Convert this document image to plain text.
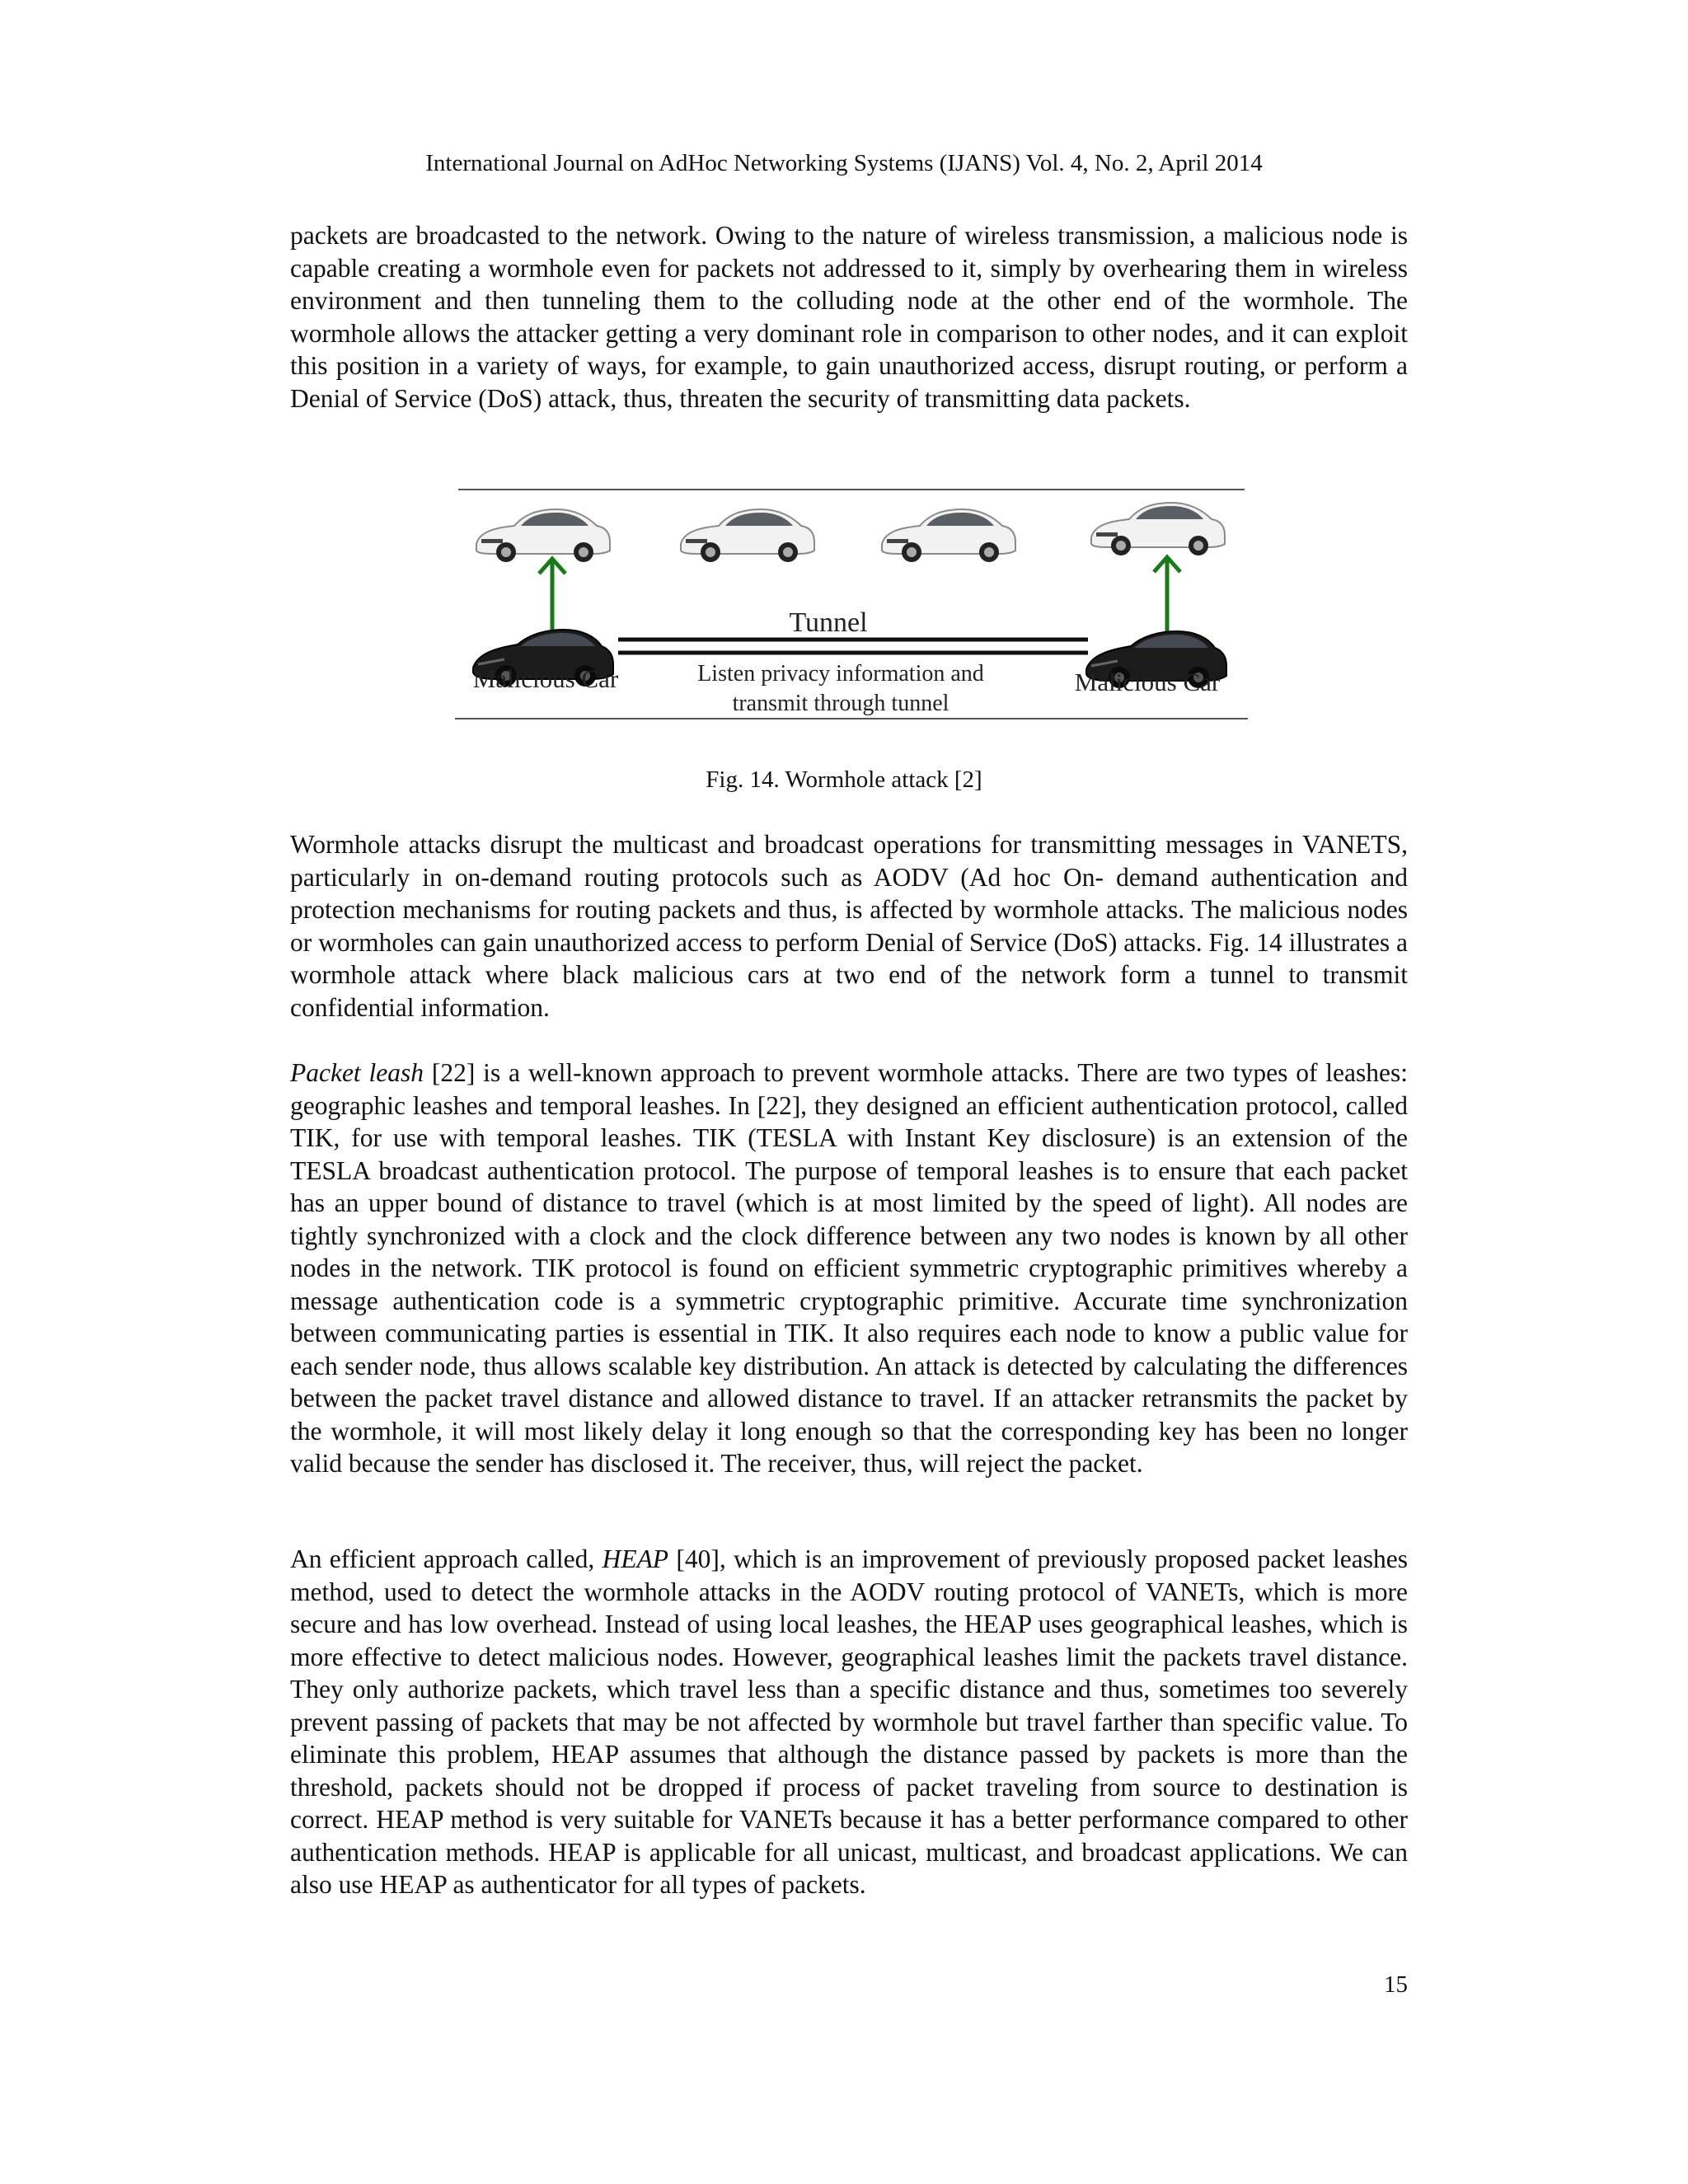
International Journal on AdHoc Networking Systems (IJANS) Vol. 4, No. 2, April 2014

packets are broadcasted to the network. Owing to the nature of wireless transmission, a malicious node is capable creating a wormhole even for packets not addressed to it, simply by overhearing them in wireless environment and then tunneling them to the colluding node at the other end of the wormhole. The wormhole allows the attacker getting a very dominant role in comparison to other nodes, and it can exploit this position in a variety of ways, for example, to gain unauthorized access, disrupt routing, or perform a Denial of Service (DoS) attack, thus, threaten the security of transmitting data packets.

Tunnel
Malicious Car	Malicious Car
Listen privacy information and
transmit through tunnel
Fig. 14. Wormhole attack [2]

Wormhole attacks disrupt the multicast and broadcast operations for transmitting messages in VANETS, particularly in on-demand routing protocols such as AODV (Ad hoc On- demand authentication and protection mechanisms for routing packets and thus, is affected by wormhole attacks. The malicious nodes or wormholes can gain unauthorized access to perform Denial of Service (DoS) attacks. Fig. 14 illustrates a wormhole attack where black malicious cars at two end of the network form a tunnel to transmit confidential information.

Packet leash [22] is a well-known approach to prevent wormhole attacks. There are two types of leashes: geographic leashes and temporal leashes. In [22], they designed an efficient authentication protocol, called TIK, for use with temporal leashes. TIK (TESLA with Instant Key disclosure) is an extension of the TESLA broadcast authentication protocol. The purpose of temporal leashes is to ensure that each packet has an upper bound of distance to travel (which is at most limited by the speed of light). All nodes are tightly synchronized with a clock and the clock difference between any two nodes is known by all other nodes in the network. TIK protocol is found on efficient symmetric cryptographic primitives whereby a message authentication code is a symmetric cryptographic primitive. Accurate time synchronization between communicating parties is essential in TIK. It also requires each node to know a public value for each sender node, thus allows scalable key distribution. An attack is detected by calculating the differences between the packet travel distance and allowed distance to travel. If an attacker retransmits the packet by the wormhole, it will most likely delay it long enough so that the corresponding key has been no longer valid because the sender has disclosed it. The receiver, thus, will reject the packet.

An efficient approach called, HEAP [40], which is an improvement of previously proposed packet leashes method, used to detect the wormhole attacks in the AODV routing protocol of VANETs, which is more secure and has low overhead. Instead of using local leashes, the HEAP uses geographical leashes, which is more effective to detect malicious nodes. However, geographical leashes limit the packets travel distance. They only authorize packets, which travel less than a specific distance and thus, sometimes too severely prevent passing of packets that may be not affected by wormhole but travel farther than specific value. To eliminate this problem, HEAP assumes that although the distance passed by packets is more than the threshold, packets should not be dropped if process of packet traveling from source to destination is correct. HEAP method is very suitable for VANETs because it has a better performance compared to other authentication methods. HEAP is applicable for all unicast, multicast, and broadcast applications. We can also use HEAP as authenticator for all types of packets.

15
